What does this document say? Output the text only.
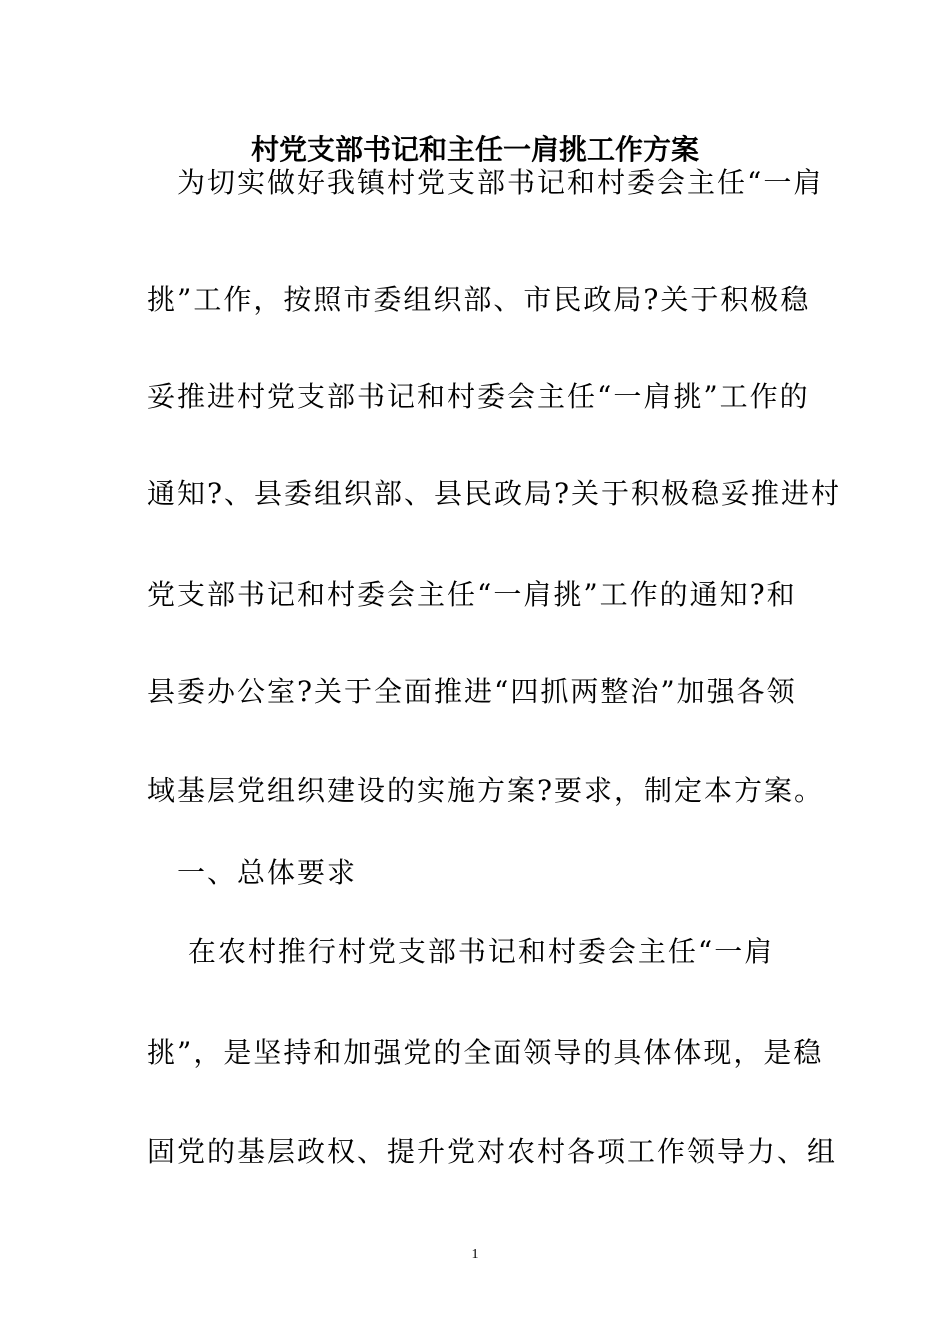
村党支部书记和主任一肩挑工作方案
　为切实做好我镇村党支部书记和村委会主任“一肩
挑”工作，按照市委组织部、市民政局?关于积极稳
妥推进村党支部书记和村委会主任“一肩挑”工作的
通知?、县委组织部、县民政局?关于积极稳妥推进村
党支部书记和村委会主任“一肩挑”工作的通知?和
县委办公室?关于全面推进“四抓两整治”加强各领
域基层党组织建设的实施方案?要求，制定本方案。
　一、总体要求
　 在农村推行村党支部书记和村委会主任“一肩
挑”，是坚持和加强党的全面领导的具体体现，是稳
固党的基层政权、提升党对农村各项工作领导力、组
1
